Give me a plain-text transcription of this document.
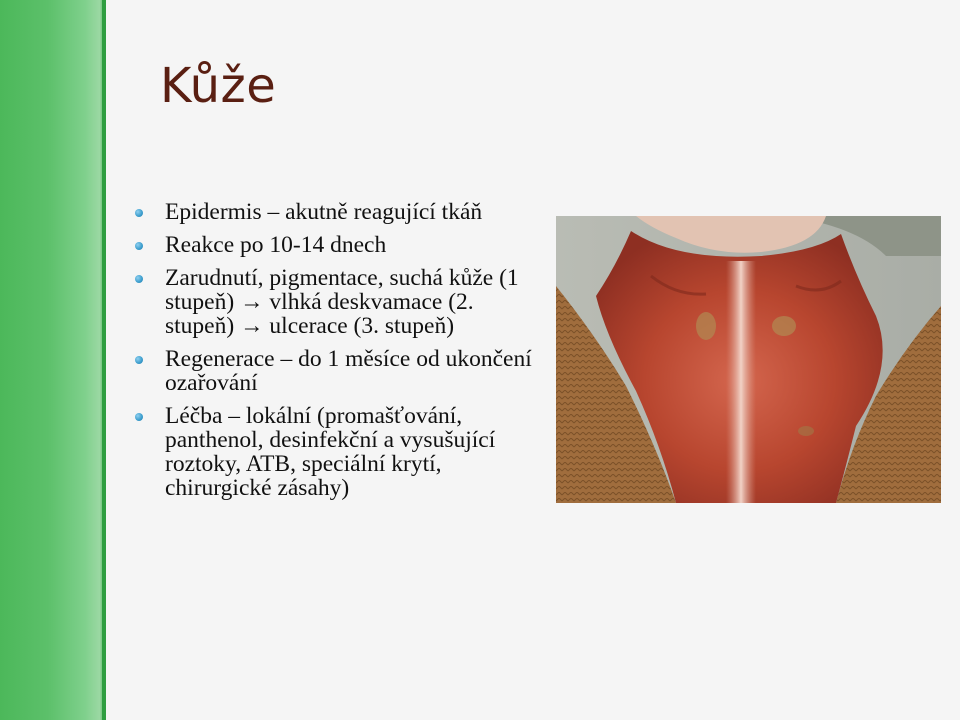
Kůže
Epidermis – akutně reagující tkáň
Reakce po 10-14 dnech
Zarudnutí, pigmentace, suchá kůže (1 stupeň) → vlhká deskvamace (2. stupeň) → ulcerace (3. stupeň)
Regenerace – do 1 měsíce od ukončení ozařování
Léčba – lokální (promašťování, panthenol, desinfekční a vysušující roztoky, ATB, speciální krytí, chirurgické zásahy)
